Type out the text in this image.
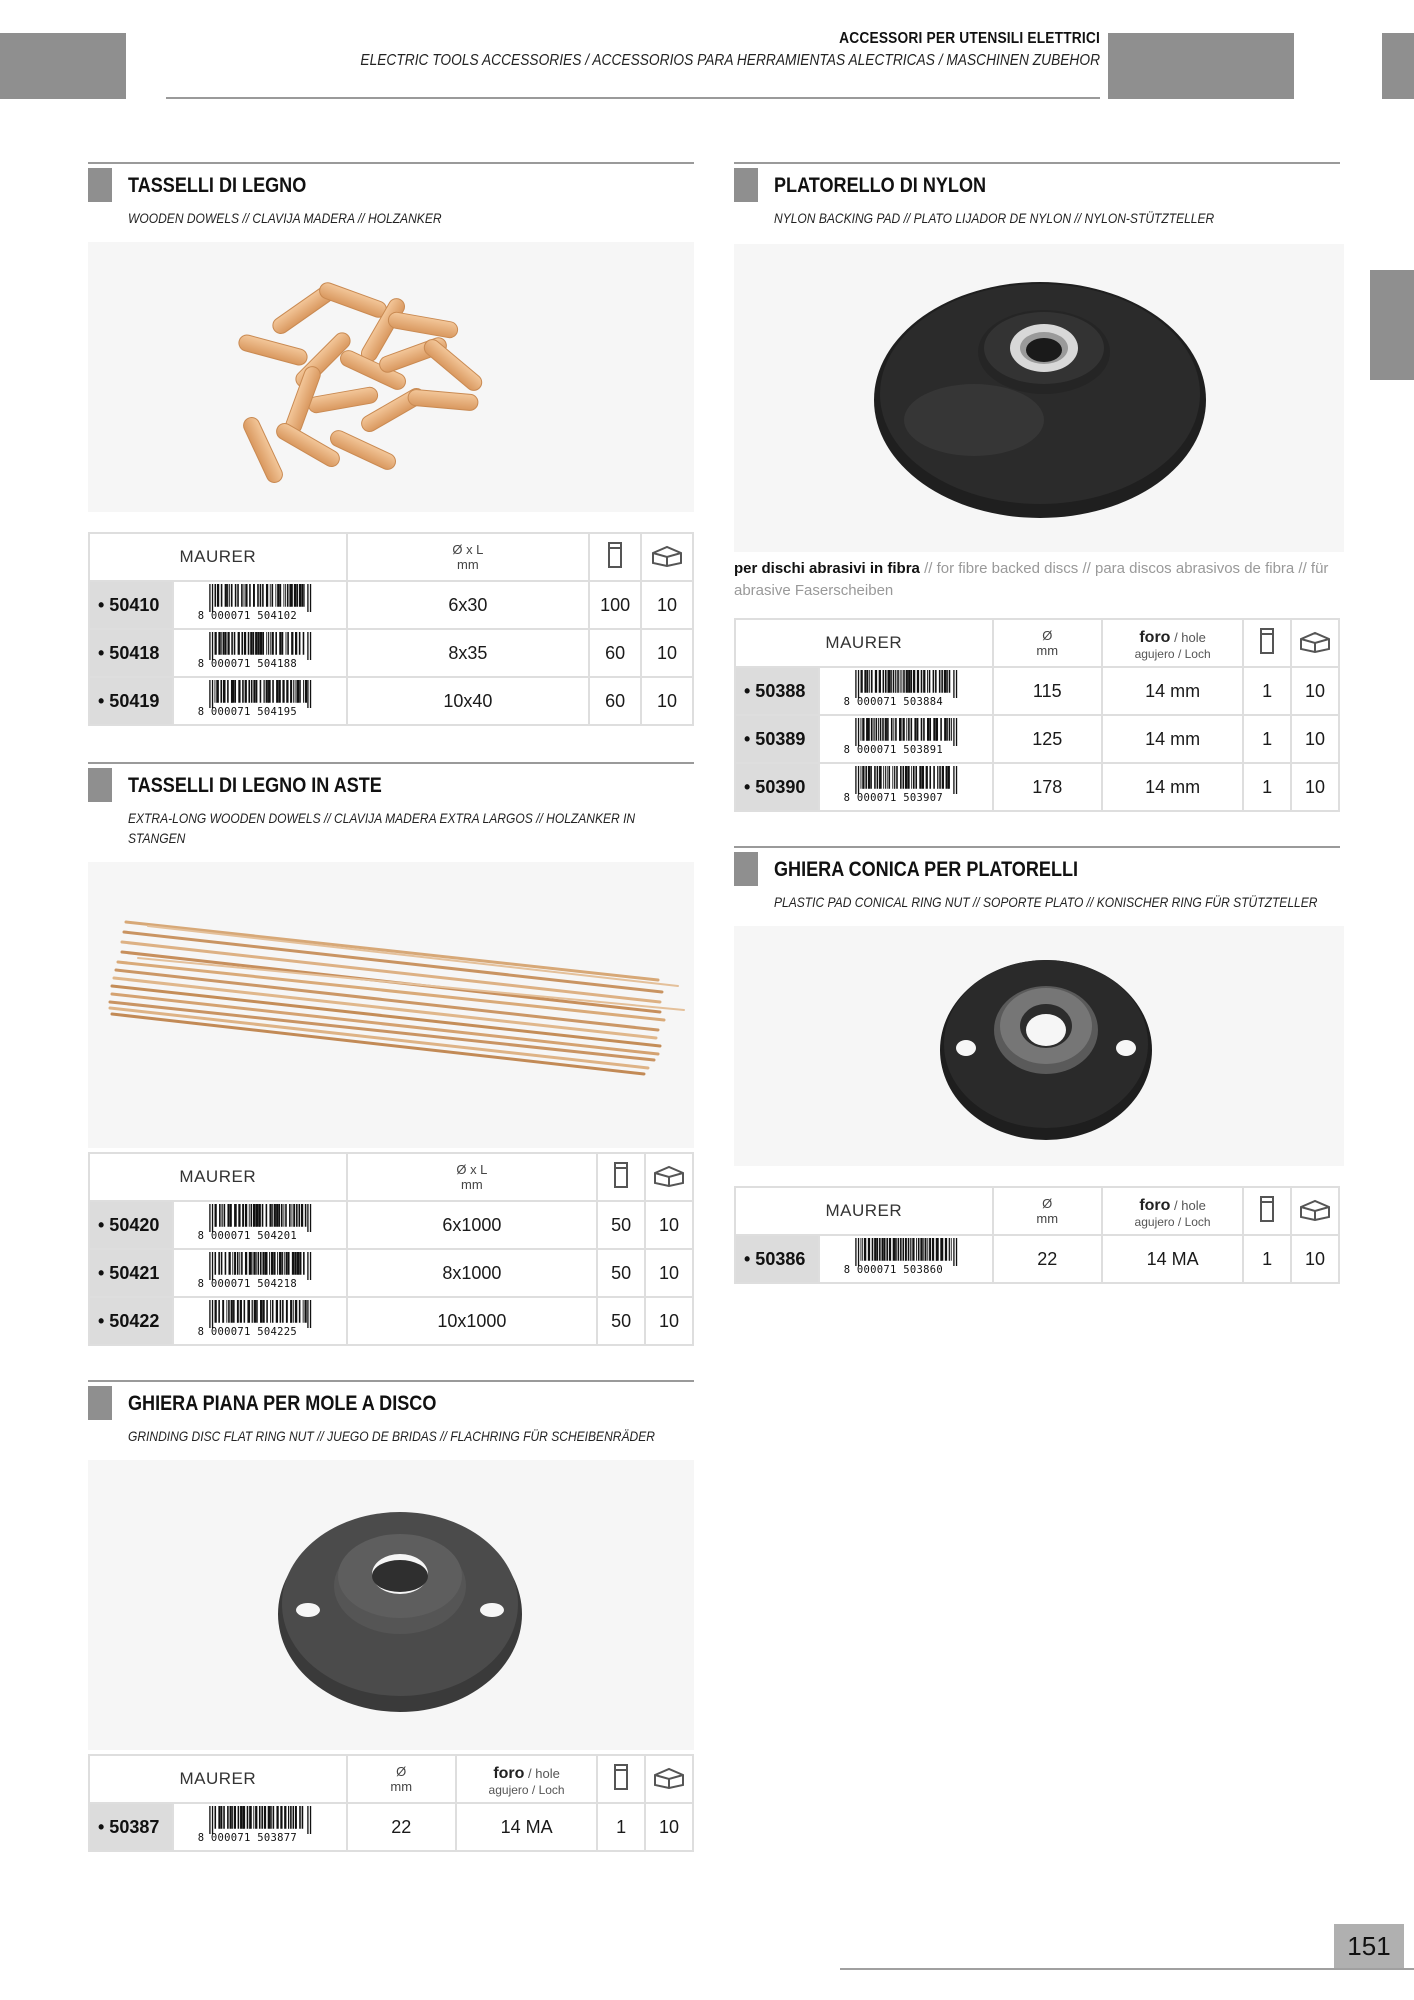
ACCESSORI PER UTENSILI ELETTRICI
ELECTRIC TOOLS ACCESSORIES / ACCESSORIOS PARA HERRAMIENTAS ALECTRICAS / MASCHINEN ZUBEHOR
TASSELLI DI LEGNO
WOODEN DOWELS // CLAVIJA MADERA // HOLZANKER
MAURER		Ø x L
mm		
• 50410	8 000071 504102	6x30	100	10
• 50418	8 000071 504188	8x35	60	10
• 50419	8 000071 504195	10x40	60	10
TASSELLI DI LEGNO IN ASTE
EXTRA-LONG WOODEN DOWELS // CLAVIJA MADERA EXTRA LARGOS // HOLZANKER IN STANGEN
MAURER		Ø x L
mm		
• 50420	8 000071 504201	6x1000	50	10
• 50421	8 000071 504218	8x1000	50	10
• 50422	8 000071 504225	10x1000	50	10
GHIERA PIANA PER MOLE A DISCO
GRINDING DISC FLAT RING NUT // JUEGO DE BRIDAS // FLACHRING FÜR SCHEIBENRÄDER
MAURER		Ø
mm	foro / hole
agujero / Loch

• 50387	8 000071 503877	22	14 MA	1	10
PLATORELLO DI NYLON
NYLON BACKING PAD // PLATO LIJADOR DE NYLON // NYLON-STÜTZTELLER
per dischi abrasivi in fibra // for fibre backed discs // para discos abrasivos de fibra // für abrasive Faserscheiben
MAURER		Ø
mm	foro / hole
agujero / Loch

• 50388	8 000071 503884	115	14 mm	1	10
• 50389	8 000071 503891	125	14 mm	1	10
• 50390	8 000071 503907	178	14 mm	1	10
GHIERA CONICA PER PLATORELLI
PLASTIC PAD CONICAL RING NUT // SOPORTE PLATO // KONISCHER RING FÜR STÜTZTELLER
MAURER		Ø
mm	foro / hole
agujero / Loch

• 50386	8 000071 503860	22	14 MA	1	10
151
